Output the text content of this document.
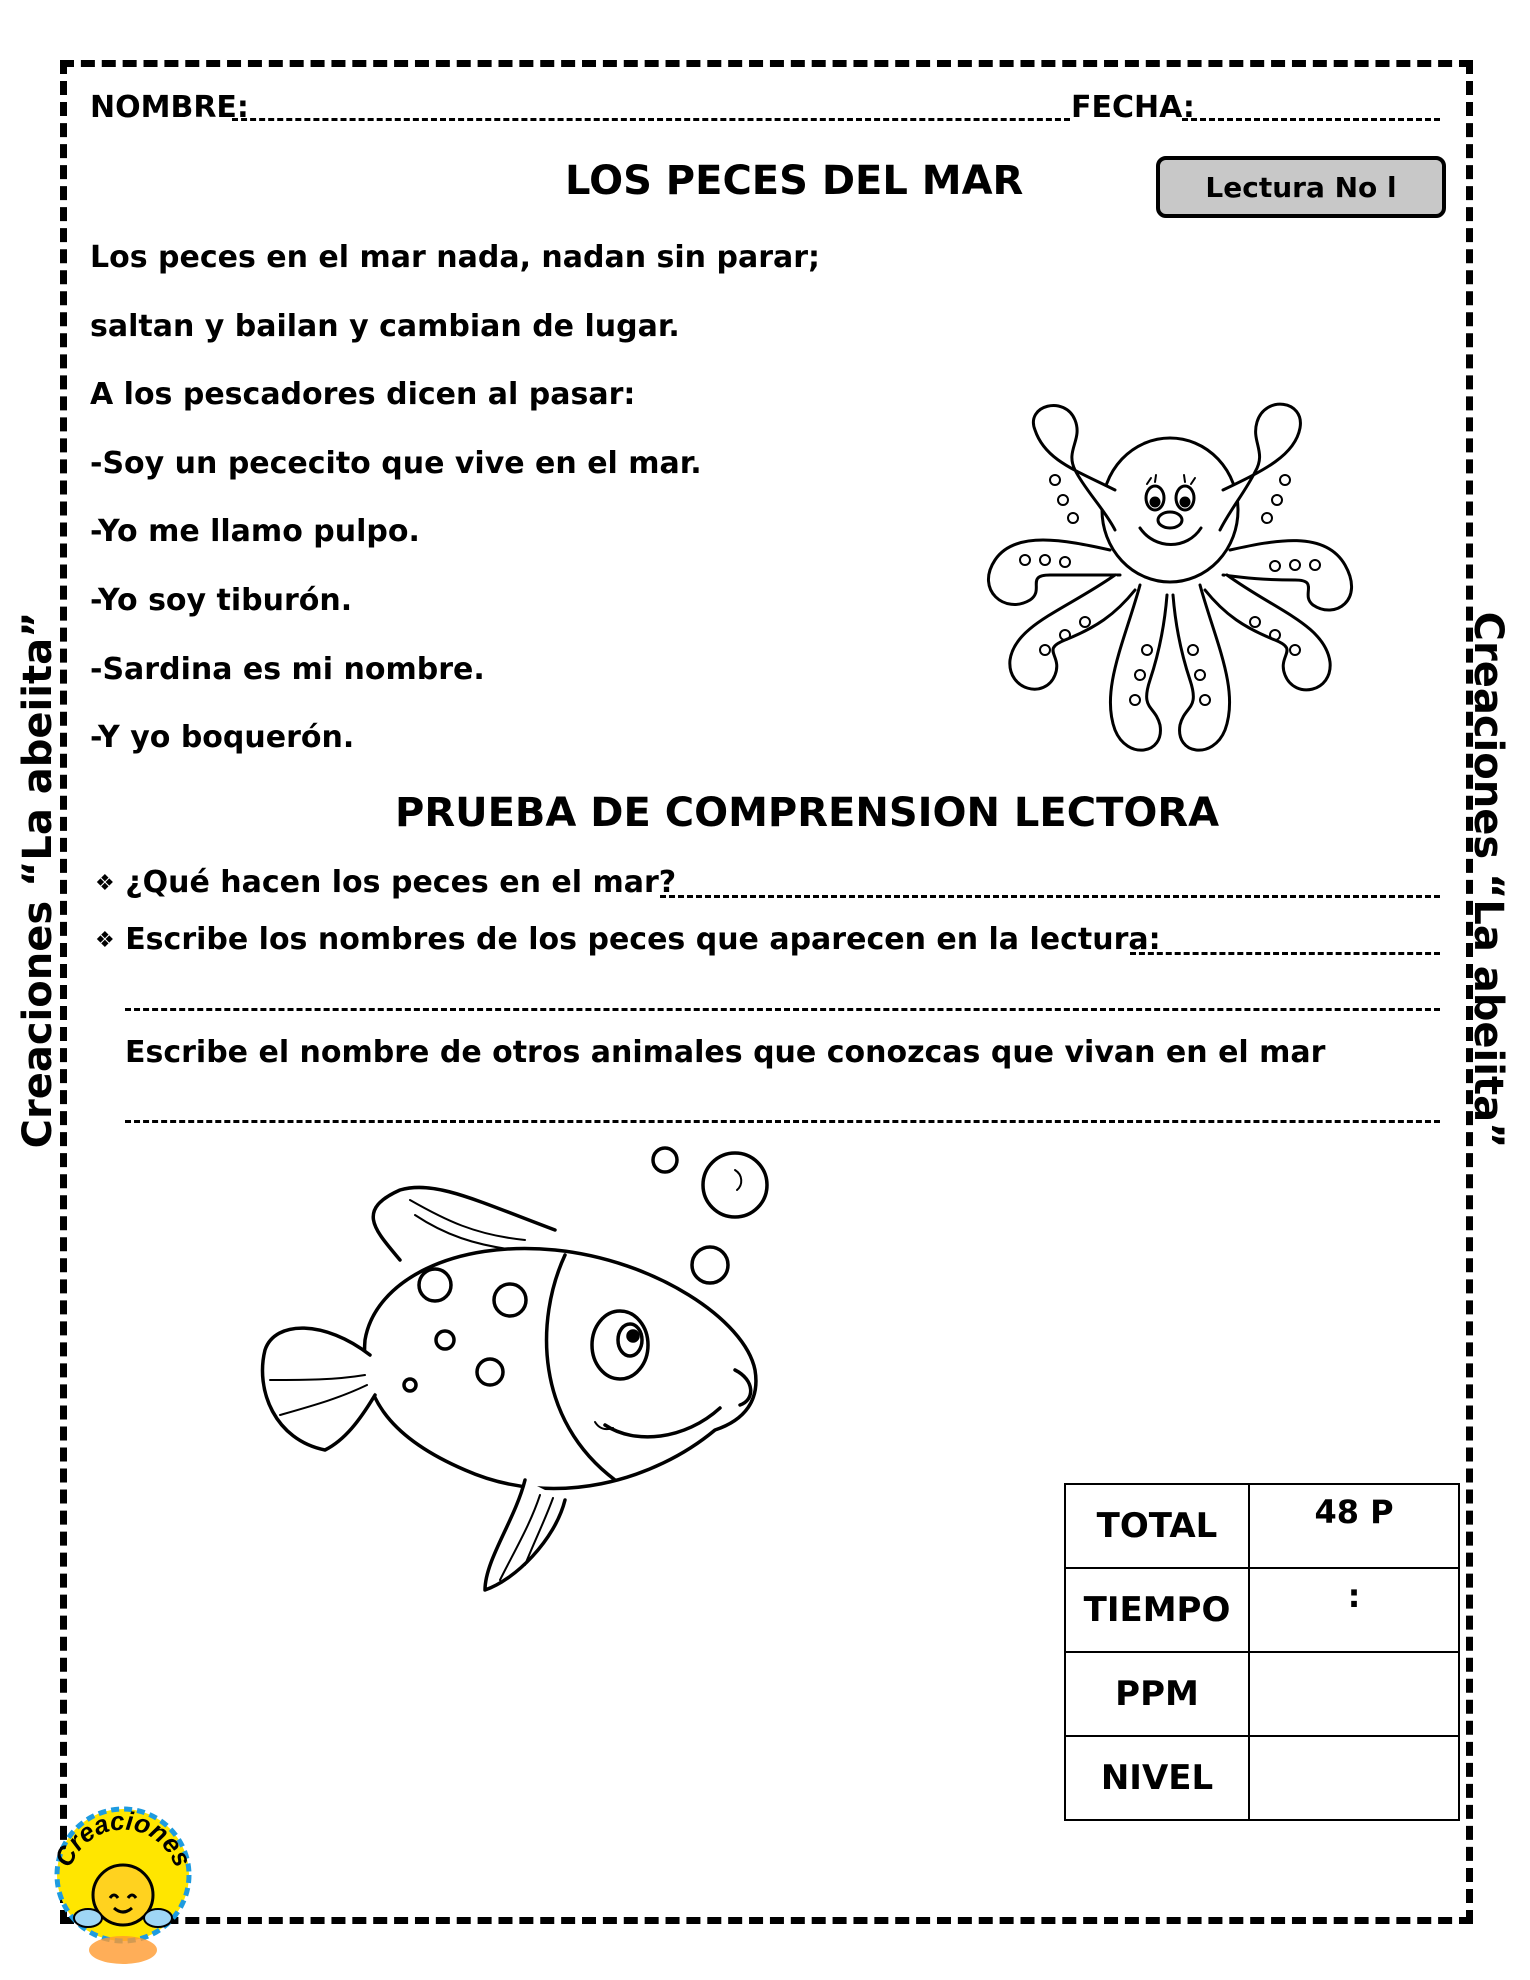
Creaciones “La abeiita”	Creaciones “La abeiita”
NOMBRE:	FECHA:
LOS PECES DEL MAR	Lectura No l
Los peces en el mar nada, nadan sin parar;
saltan y bailan y cambian de lugar.
A los pescadores dicen al pasar:
-Soy un pececito que vive en el mar.
-Yo me llamo pulpo.
-Yo soy tiburón.
-Sardina es mi nombre.
-Y yo boquerón.
PRUEBA DE COMPRENSION LECTORA
❖ ¿Qué hacen los peces en el mar?
❖ Escribe los nombres de los peces que aparecen en la lectura:
Escribe el nombre de otros animales que conozcas que vivan en el mar
TOTAL	48 P
TIEMPO	:
PPM	
NIVEL	
Creaciones
